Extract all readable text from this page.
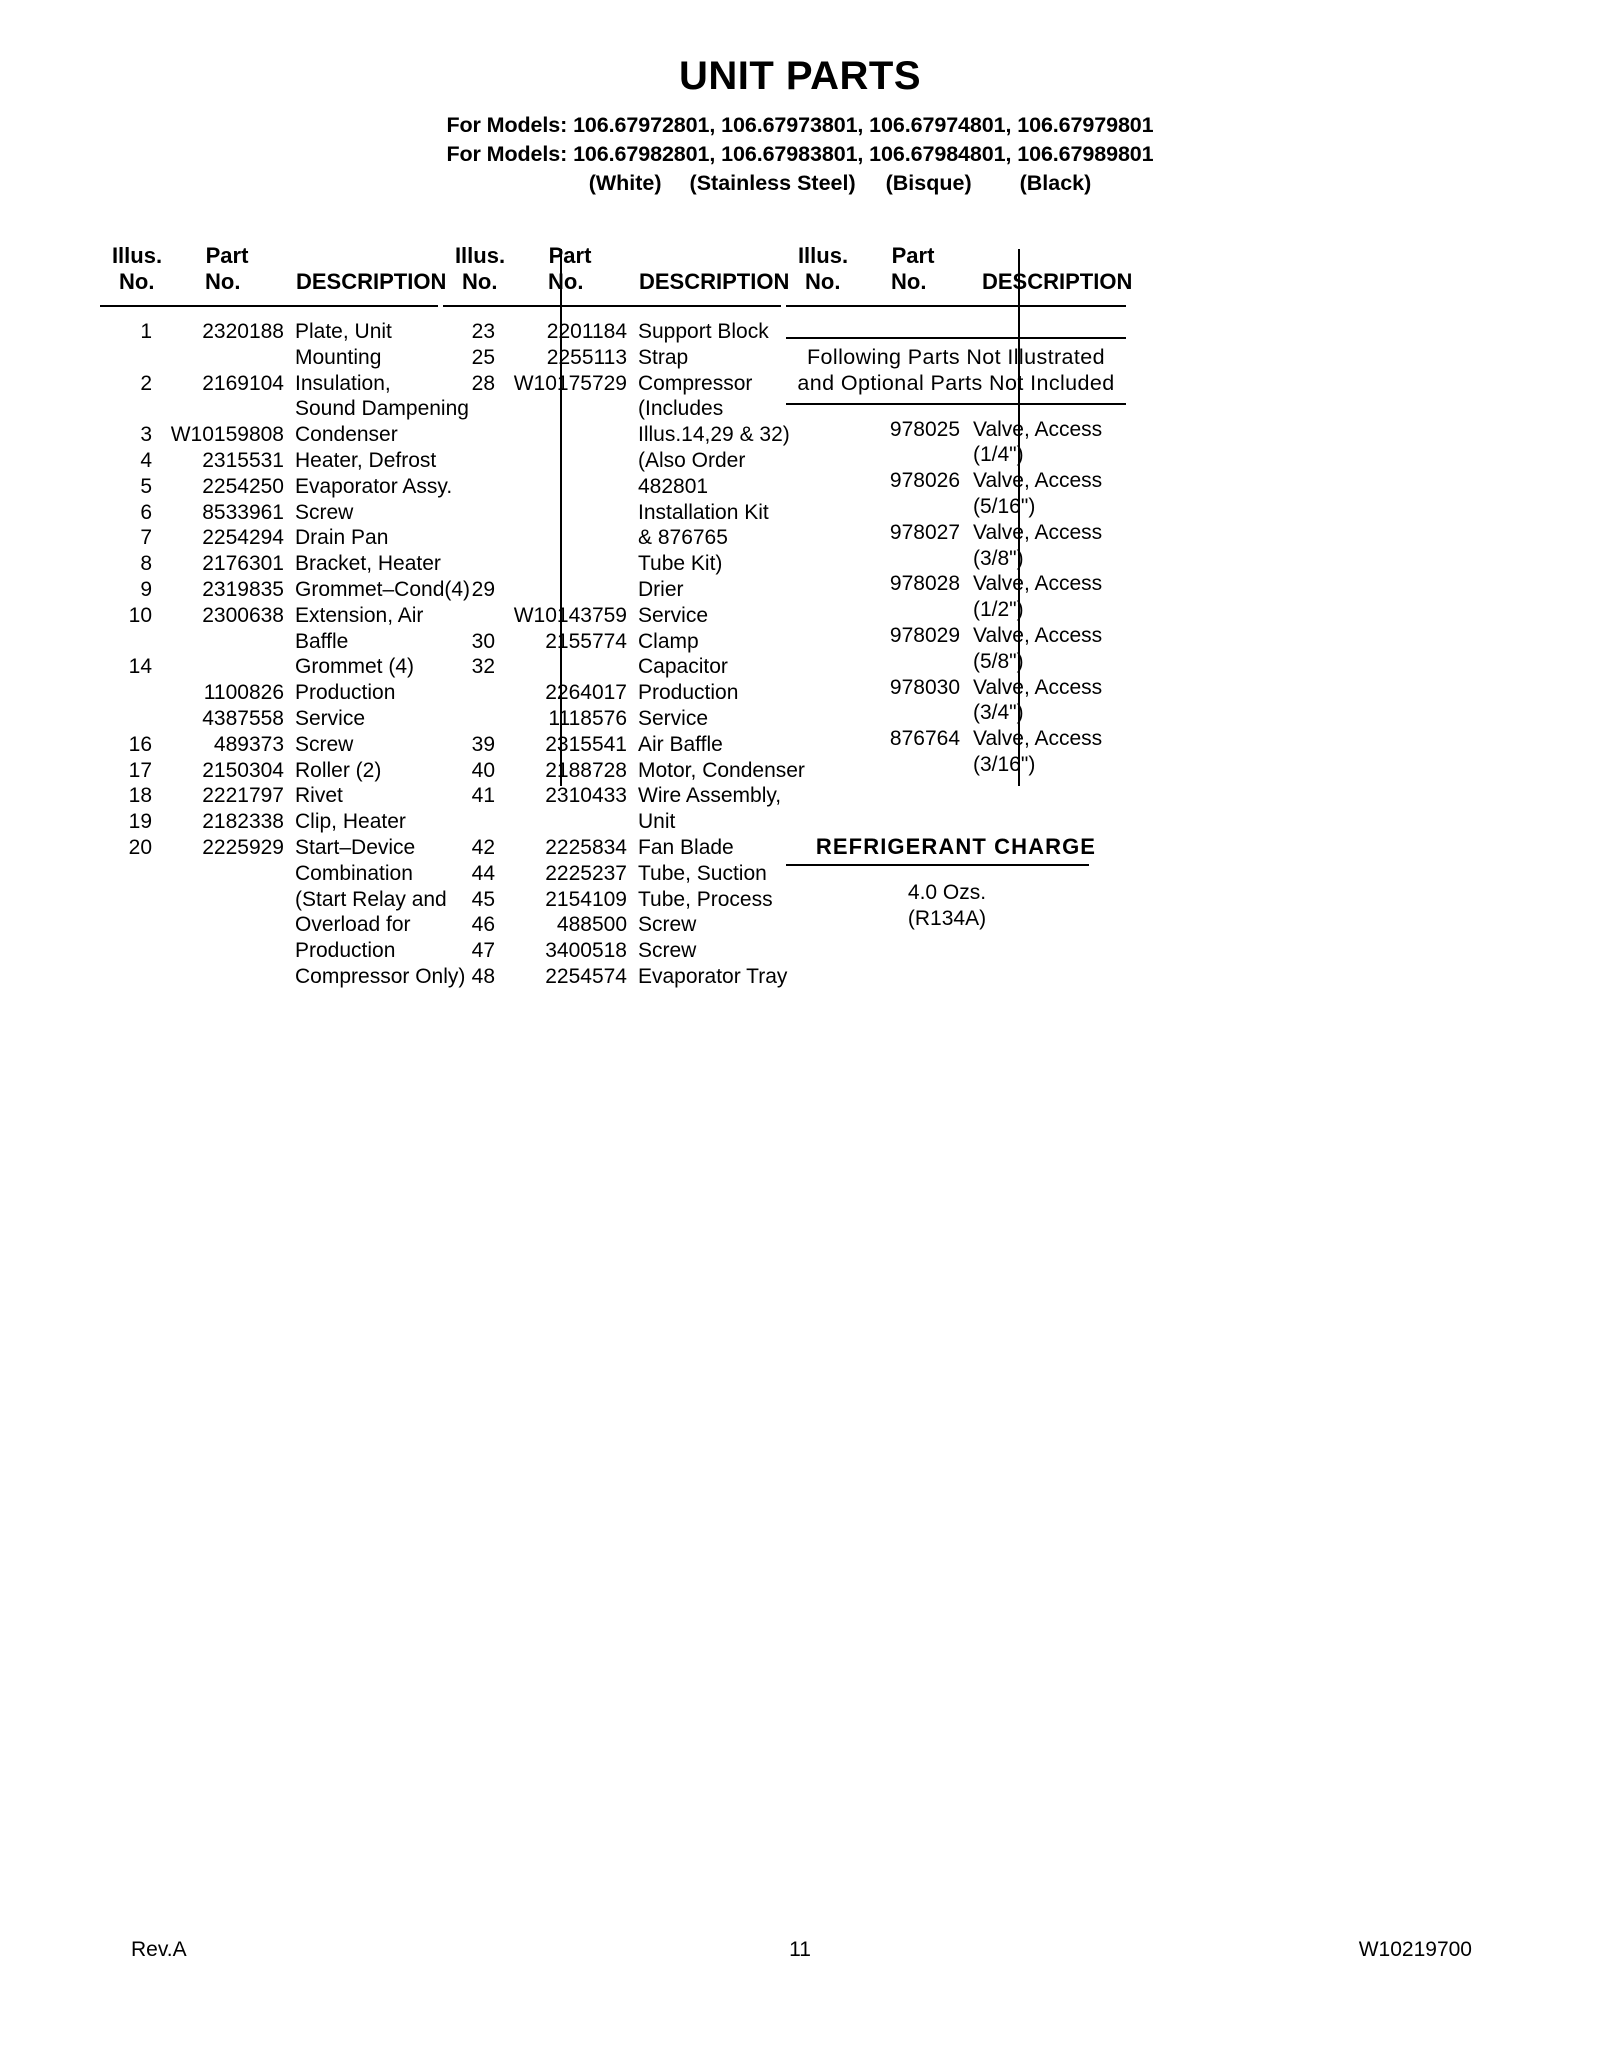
UNIT PARTS
For Models: 106.67972801, 106.67973801, 106.67974801, 106.67979801
For Models: 106.67982801, 106.67983801, 106.67984801, 106.67989801
(White) (Stainless Steel) (Bisque) (Black)
Illus.
No.
Part
No.	DESCRIPTION
1	2320188 Plate, Unit
Mounting
2	2169104 Insulation,
Sound Dampening
3 W10159808 Condenser
4	2315531 Heater, Defrost
5	2254250 Evaporator Assy.
6	8533961 Screw
7	2254294 Drain Pan
8	2176301 Bracket, Heater
9	2319835 Grommet–Cond(4)
10	2300638 Extension, Air
Baffle
14	Grommet (4)
1100826 Production
4387558 Service
16	489373 Screw
17	2150304 Roller (2)
18	2221797 Rivet
19	2182338 Clip, Heater
20	2225929 Start–Device
Combination
(Start Relay and
Overload for
Production
Compressor Only)
Illus.
No.
Part
No.	DESCRIPTION
23	2201184 Support Block
25	2255113 Strap
28 W10175729 Compressor
(Includes
Illus.14,29 & 32)
(Also Order
482801
Installation Kit
& 876765
Tube Kit)
29	Drier
W10143759 Service
30	2155774 Clamp
32	Capacitor
2264017 Production
1118576 Service
39	2315541 Air Baffle
40	2188728 Motor, Condenser
41	2310433 Wire Assembly,
Unit
42	2225834 Fan Blade
44	2225237 Tube, Suction
45	2154109 Tube, Process
46	488500 Screw
47	3400518 Screw
48	2254574 Evaporator Tray
Illus.
No.
Part
No.	DESCRIPTION
Following Parts Not Illustrated
and Optional Parts Not Included
978025 Valve, Access
(1/4")
978026 Valve, Access
(5/16")
978027 Valve, Access
(3/8")
978028 Valve, Access
(1/2")
978029 Valve, Access
(5/8")
978030 Valve, Access
(3/4")
876764 Valve, Access
(3/16")
REFRIGERANT CHARGE
4.0 Ozs.
(R134A)
Rev.A	11	W10219700
